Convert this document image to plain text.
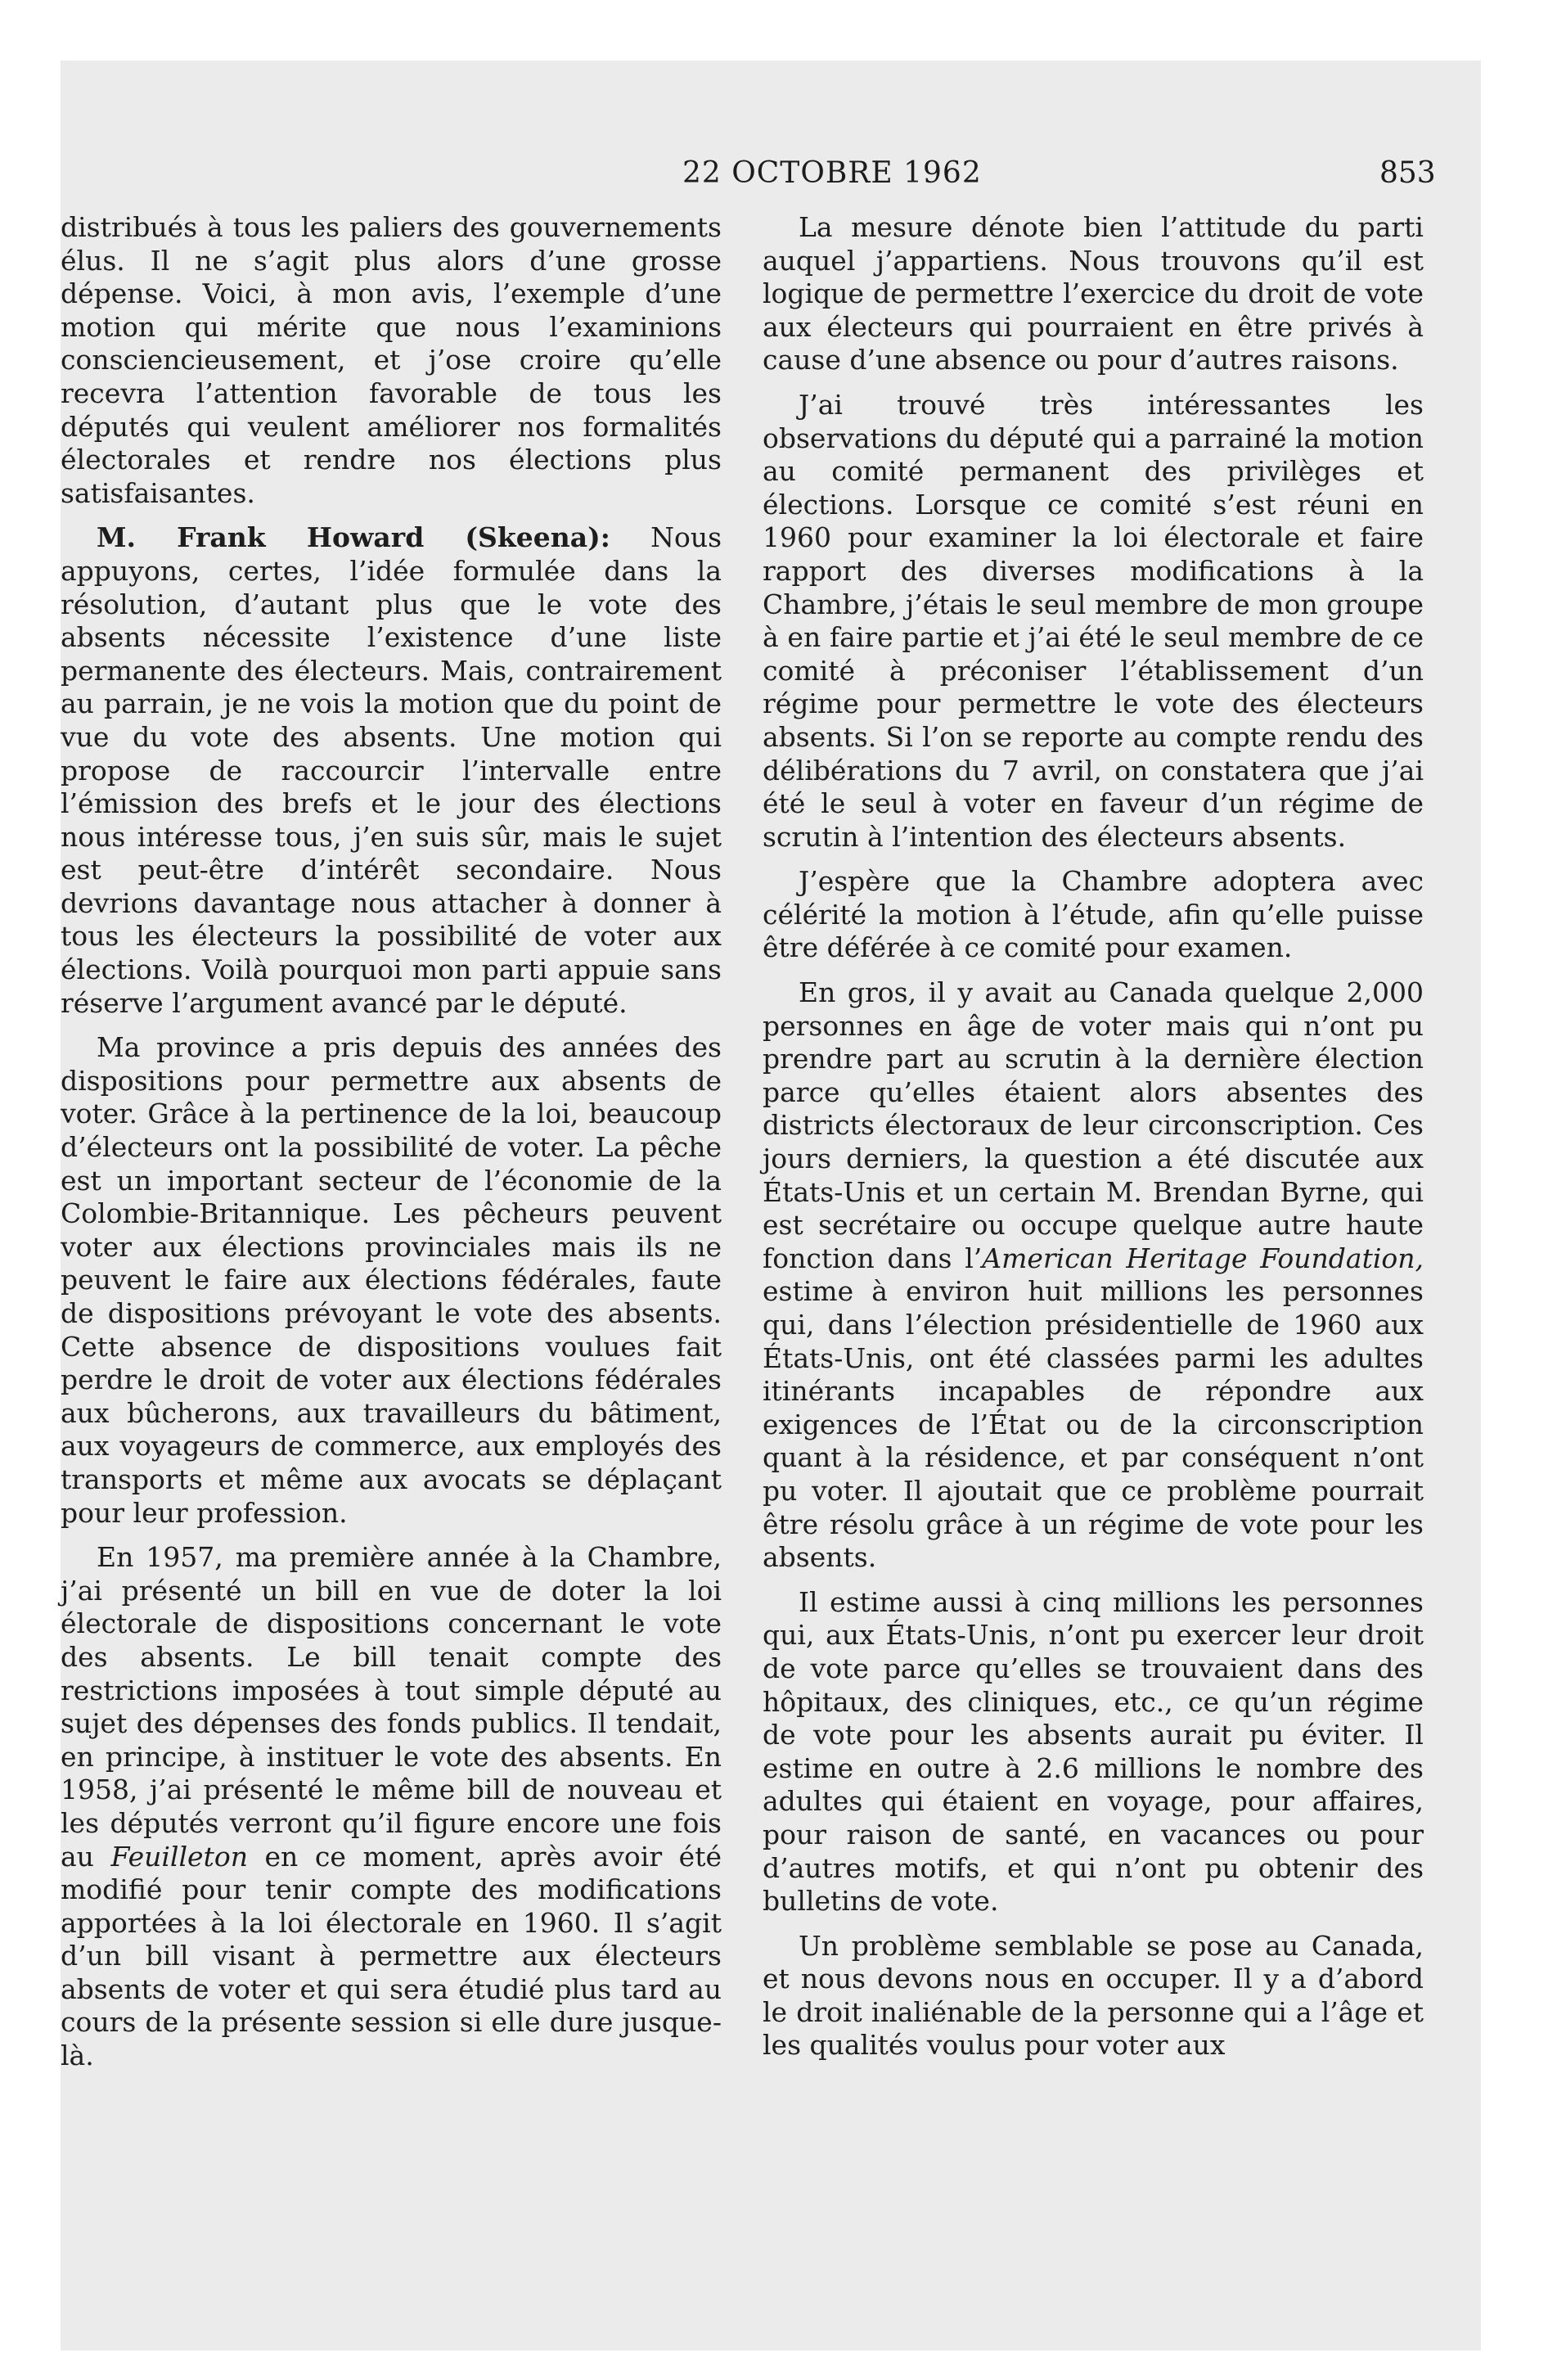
22 OCTOBRE 1962	853

distribués à tous les paliers des gouvernements élus. Il ne s’agit plus alors d’une grosse dépense. Voici, à mon avis, l’exemple d’une motion qui mérite que nous l’examinions consciencieusement, et j’ose croire qu’elle recevra l’attention favorable de tous les députés qui veulent améliorer nos formalités électorales et rendre nos élections plus satisfaisantes.

M. Frank Howard (Skeena): Nous appuyons, certes, l’idée formulée dans la résolution, d’autant plus que le vote des absents nécessite l’existence d’une liste permanente des électeurs. Mais, contrairement au parrain, je ne vois la motion que du point de vue du vote des absents. Une motion qui propose de raccourcir l’intervalle entre l’émission des brefs et le jour des élections nous intéresse tous, j’en suis sûr, mais le sujet est peut-être d’intérêt secondaire. Nous devrions davantage nous attacher à donner à tous les électeurs la possibilité de voter aux élections. Voilà pourquoi mon parti appuie sans réserve l’argument avancé par le député.

Ma province a pris depuis des années des dispositions pour permettre aux absents de voter. Grâce à la pertinence de la loi, beaucoup d’électeurs ont la possibilité de voter. La pêche est un important secteur de l’économie de la Colombie-Britannique. Les pêcheurs peuvent voter aux élections provinciales mais ils ne peuvent le faire aux élections fédérales, faute de dispositions prévoyant le vote des absents. Cette absence de dispositions voulues fait perdre le droit de voter aux élections fédérales aux bûcherons, aux travailleurs du bâtiment, aux voyageurs de commerce, aux employés des transports et même aux avocats se déplaçant pour leur profession.

En 1957, ma première année à la Chambre, j’ai présenté un bill en vue de doter la loi électorale de dispositions concernant le vote des absents. Le bill tenait compte des restrictions imposées à tout simple député au sujet des dépenses des fonds publics. Il tendait, en principe, à instituer le vote des absents. En 1958, j’ai présenté le même bill de nouveau et les députés verront qu’il figure encore une fois au Feuilleton en ce moment, après avoir été modifié pour tenir compte des modifications apportées à la loi électorale en 1960. Il s’agit d’un bill visant à permettre aux électeurs absents de voter et qui sera étudié plus tard au cours de la présente session si elle dure jusque-là.

La mesure dénote bien l’attitude du parti auquel j’appartiens. Nous trouvons qu’il est logique de permettre l’exercice du droit de vote aux électeurs qui pourraient en être privés à cause d’une absence ou pour d’autres raisons.

J’ai trouvé très intéressantes les observations du député qui a parrainé la motion au comité permanent des privilèges et élections. Lorsque ce comité s’est réuni en 1960 pour examiner la loi électorale et faire rapport des diverses modifications à la Chambre, j’étais le seul membre de mon groupe à en faire partie et j’ai été le seul membre de ce comité à préconiser l’établissement d’un régime pour permettre le vote des électeurs absents. Si l’on se reporte au compte rendu des délibérations du 7 avril, on constatera que j’ai été le seul à voter en faveur d’un régime de scrutin à l’intention des électeurs absents.

J’espère que la Chambre adoptera avec célérité la motion à l’étude, afin qu’elle puisse être déférée à ce comité pour examen.

En gros, il y avait au Canada quelque 2,000 personnes en âge de voter mais qui n’ont pu prendre part au scrutin à la dernière élection parce qu’elles étaient alors absentes des districts électoraux de leur circonscription. Ces jours derniers, la question a été discutée aux États-Unis et un certain M. Brendan Byrne, qui est secrétaire ou occupe quelque autre haute fonction dans l’American Heritage Foundation, estime à environ huit millions les personnes qui, dans l’élection présidentielle de 1960 aux États-Unis, ont été classées parmi les adultes itinérants incapables de répondre aux exigences de l’État ou de la circonscription quant à la résidence, et par conséquent n’ont pu voter. Il ajoutait que ce problème pourrait être résolu grâce à un régime de vote pour les absents.

Il estime aussi à cinq millions les personnes qui, aux États-Unis, n’ont pu exercer leur droit de vote parce qu’elles se trouvaient dans des hôpitaux, des cliniques, etc., ce qu’un régime de vote pour les absents aurait pu éviter. Il estime en outre à 2.6 millions le nombre des adultes qui étaient en voyage, pour affaires, pour raison de santé, en vacances ou pour d’autres motifs, et qui n’ont pu obtenir des bulletins de vote.

Un problème semblable se pose au Canada, et nous devons nous en occuper. Il y a d’abord le droit inaliénable de la personne qui a l’âge et les qualités voulus pour voter aux
